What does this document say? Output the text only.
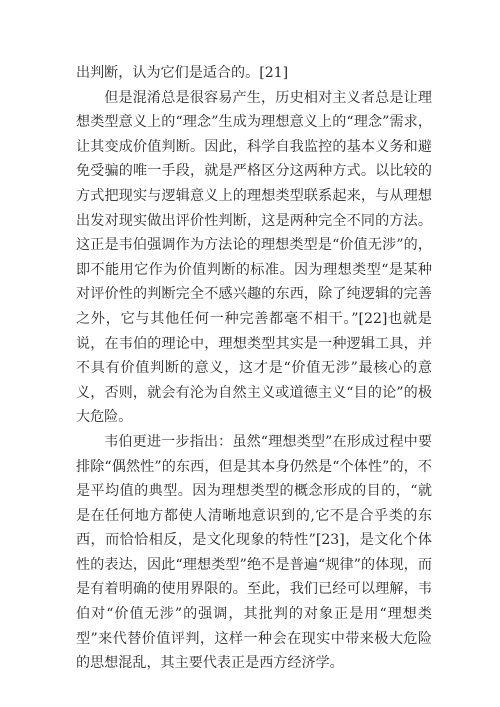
出判断，认为它们是适合的。[21]

但是混淆总是很容易产生，历史相对主义者总是让理想类型意义上的“理念”生成为理想意义上的“理念”需求，让其变成价值判断。因此，科学自我监控的基本义务和避免受骗的唯一手段，就是严格区分这两种方式。以比较的方式把现实与逻辑意义上的理想类型联系起来，与从理想出发对现实做出评价性判断，这是两种完全不同的方法。这正是韦伯强调作为方法论的理想类型是“价值无涉”的，即不能用它作为价值判断的标准。因为理想类型“是某种对评价性的判断完全不感兴趣的东西，除了纯逻辑的完善之外，它与其他任何一种完善都毫不相干。”[22]也就是说，在韦伯的理论中，理想类型其实是一种逻辑工具，并不具有价值判断的意义，这才是“价值无涉”最核心的意义，否则，就会有沦为自然主义或道德主义“目的论”的极大危险。

韦伯更进一步指出：虽然“理想类型”在形成过程中要排除“偶然性”的东西，但是其本身仍然是“个体性”的，不是平均值的典型。因为理想类型的概念形成的目的，“就是在任何地方都使人清晰地意识到的,它不是合乎类的东西，而恰恰相反，是文化现象的特性”[23]，是文化个体性的表达，因此“理想类型”绝不是普遍“规律”的体现，而是有着明确的使用界限的。至此，我们已经可以理解，韦伯对“价值无涉”的强调，其批判的对象正是用“理想类型”来代替价值评判，这样一种会在现实中带来极大危险的思想混乱，其主要代表正是西方经济学。
